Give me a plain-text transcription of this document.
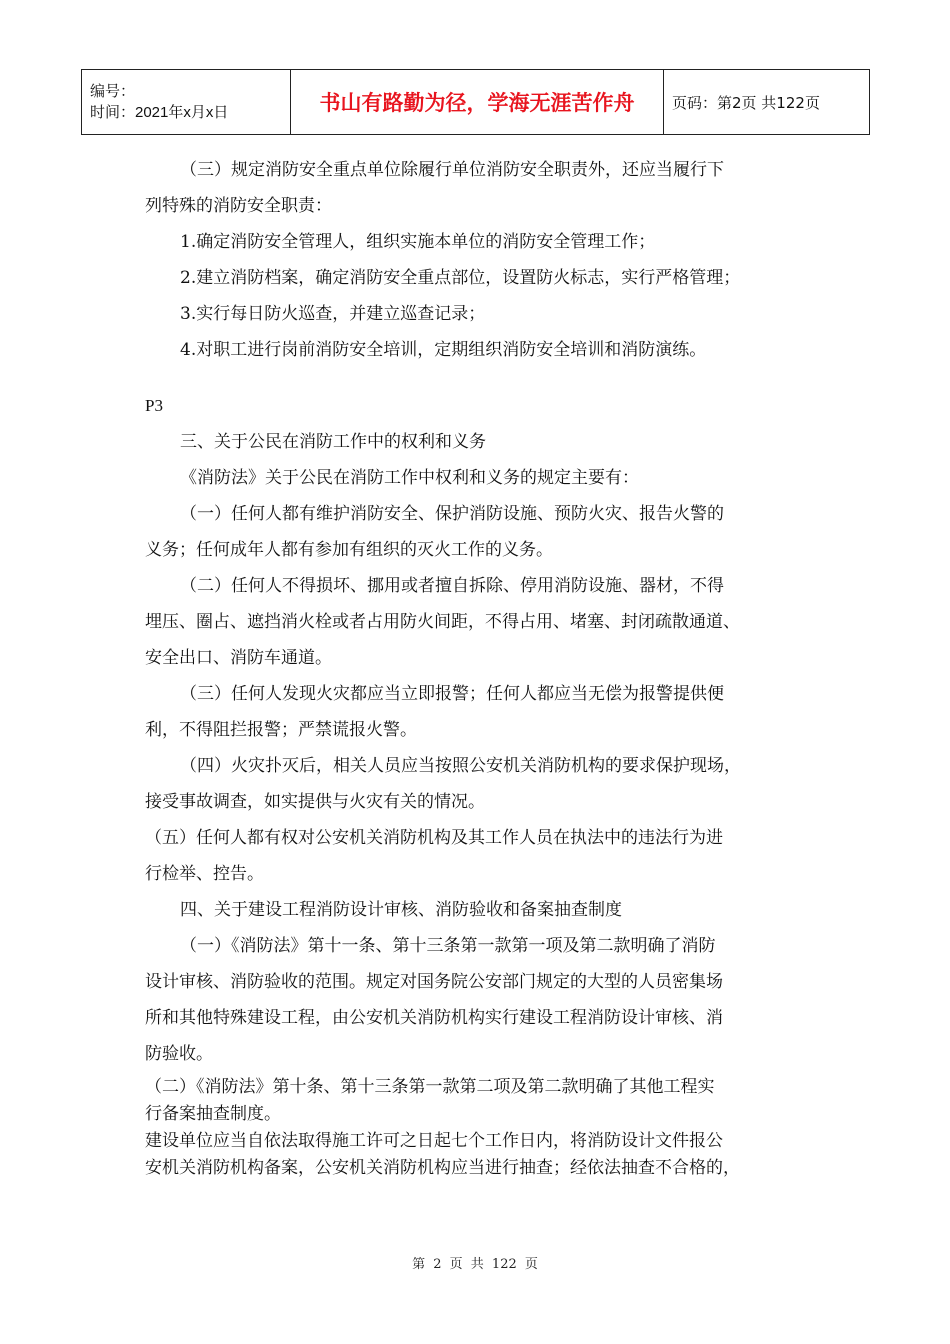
编号：
时间：2021年x月x日	书山有路勤为径，学海无涯苦作舟	页码：第2页 共122页
（三）规定消防安全重点单位除履行单位消防安全职责外，还应当履行下
列特殊的消防安全职责：
1.确定消防安全管理人，组织实施本单位的消防安全管理工作；
2.建立消防档案，确定消防安全重点部位，设置防火标志，实行严格管理；
3.实行每日防火巡查，并建立巡查记录；
4.对职工进行岗前消防安全培训，定期组织消防安全培训和消防演练。
P3
三、关于公民在消防工作中的权利和义务
《消防法》关于公民在消防工作中权利和义务的规定主要有：
（一）任何人都有维护消防安全、保护消防设施、预防火灾、报告火警的
义务；任何成年人都有参加有组织的灭火工作的义务。
（二）任何人不得损坏、挪用或者擅自拆除、停用消防设施、器材，不得
埋压、圈占、遮挡消火栓或者占用防火间距，不得占用、堵塞、封闭疏散通道、
安全出口、消防车通道。
（三）任何人发现火灾都应当立即报警；任何人都应当无偿为报警提供便
利，不得阻拦报警；严禁谎报火警。
（四）火灾扑灭后，相关人员应当按照公安机关消防机构的要求保护现场，
接受事故调查，如实提供与火灾有关的情况。
（五）任何人都有权对公安机关消防机构及其工作人员在执法中的违法行为进
行检举、控告。
四、关于建设工程消防设计审核、消防验收和备案抽查制度
（一）《消防法》第十一条、第十三条第一款第一项及第二款明确了消防
设计审核、消防验收的范围。规定对国务院公安部门规定的大型的人员密集场
所和其他特殊建设工程，由公安机关消防机构实行建设工程消防设计审核、消
防验收。
（二）《消防法》第十条、第十三条第一款第二项及第二款明确了其他工程实
行备案抽查制度。
建设单位应当自依法取得施工许可之日起七个工作日内，将消防设计文件报公
安机关消防机构备案，公安机关消防机构应当进行抽查；经依法抽查不合格的，
第 2 页 共 122 页
